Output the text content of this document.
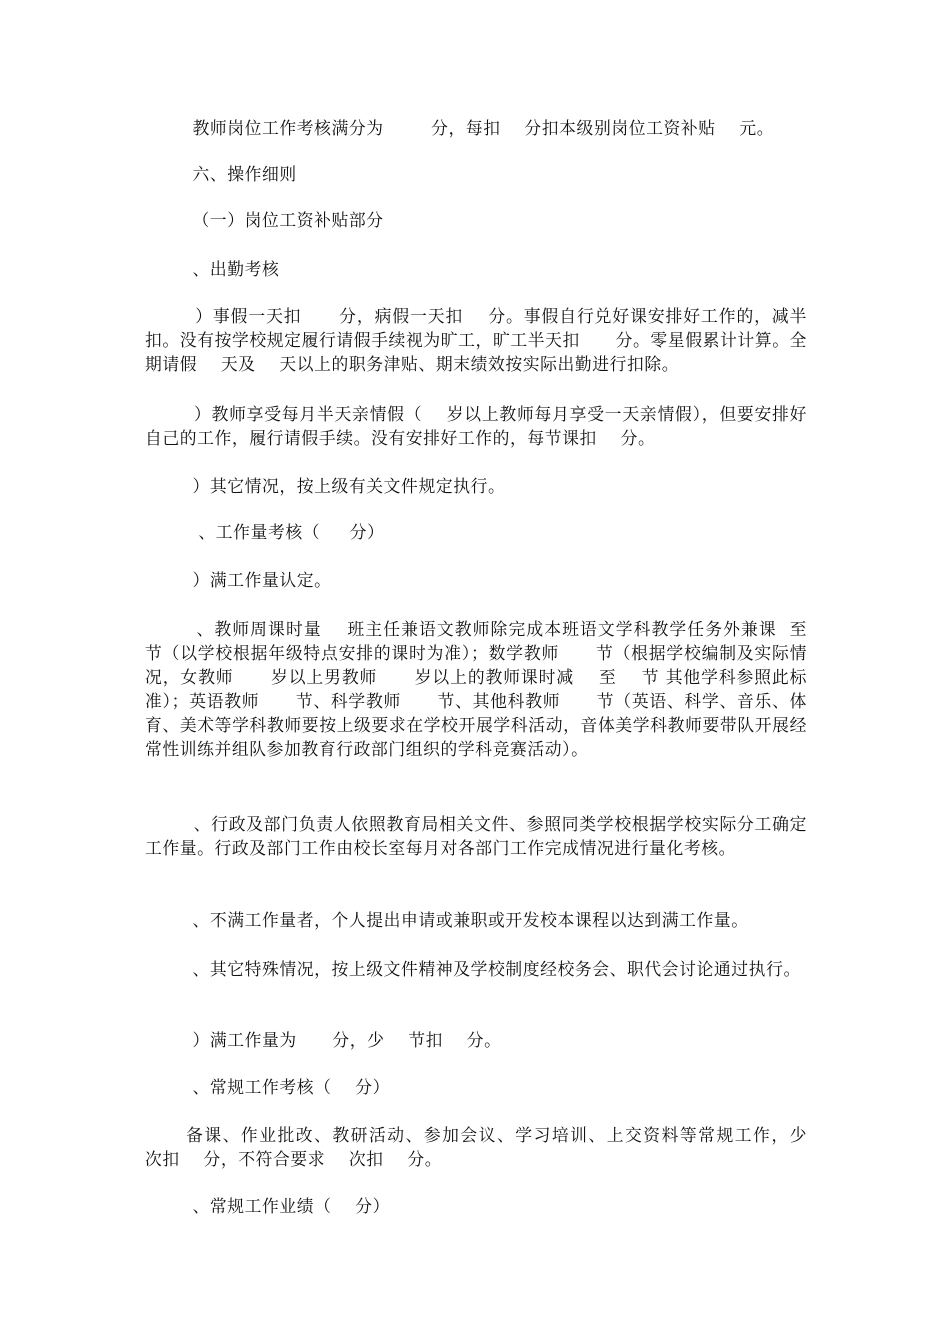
教师岗位工作考核满分为        分，每扣    分扣本级别岗位工资补贴    元。

六、操作细则

（一）岗位工资补贴部分

、出勤考核

）事假一天扣      分，病假一天扣    分。事假自行兑好课安排好工作的，减半扣。没有按学校规定履行请假手续视为旷工，旷工半天扣      分。零星假累计计算。全期请假    天及    天以上的职务津贴、期末绩效按实际出勤进行扣除。

）教师享受每月半天亲情假（    岁以上教师每月享受一天亲情假），但要安排好自己的工作，履行请假手续。没有安排好工作的，每节课扣    分。

）其它情况，按上级有关文件规定执行。

、工作量考核（     分）

）满工作量认定。

、教师周课时量    班主任兼语文教师除完成本班语文学科教学任务外兼课  至    节（以学校根据年级特点安排的课时为准）；数学教师      节（根据学校编制及实际情况，女教师      岁以上男教师      岁以上的教师课时减    至    节 其他学科参照此标准）；英语教师      节、科学教师      节、其他科教师      节（英语、科学、音乐、体育、美术等学科教师要按上级要求在学校开展学科活动，音体美学科教师要带队开展经常性训练并组队参加教育行政部门组织的学科竞赛活动）。

、行政及部门负责人依照教育局相关文件、参照同类学校根据学校实际分工确定工作量。行政及部门工作由校长室每月对各部门工作完成情况进行量化考核。

、不满工作量者，个人提出申请或兼职或开发校本课程以达到满工作量。

、其它特殊情况，按上级文件精神及学校制度经校务会、职代会讨论通过执行。

）满工作量为      分，少    节扣    分。

、常规工作考核（    分）

备课、作业批改、教研活动、参加会议、学习培训、上交资料等常规工作，少    次扣    分，不符合要求    次扣    分。

、常规工作业绩（    分）
